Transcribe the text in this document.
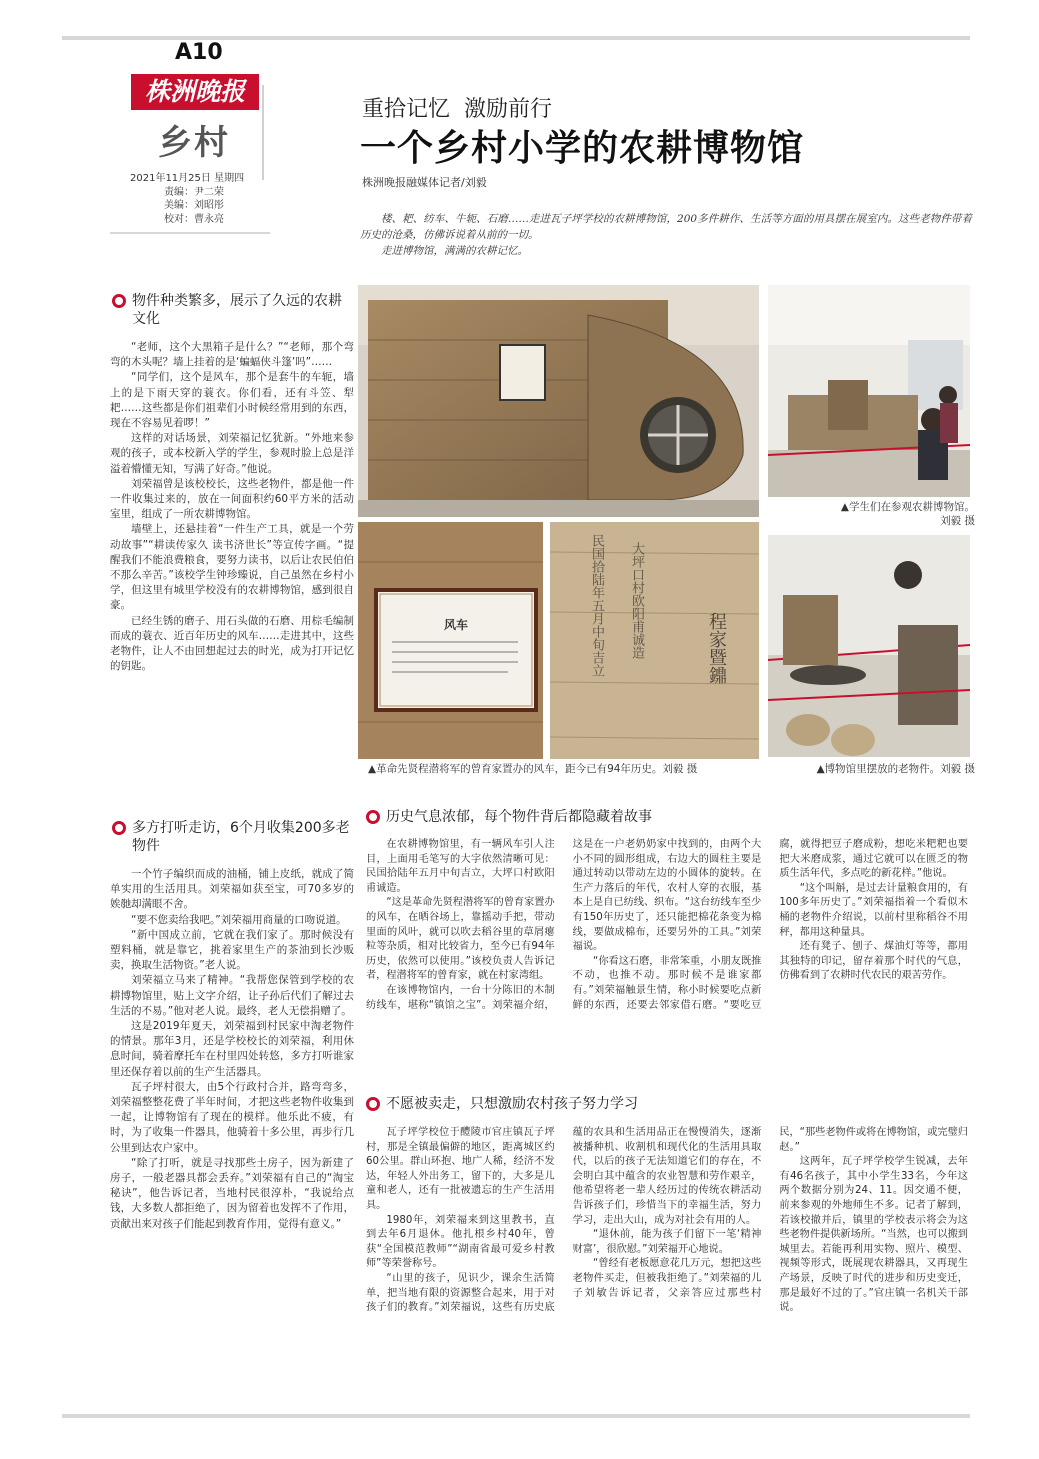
A10
株洲晚报
乡村
2021年11月25日 星期四
责编：尹二荣
美编：刘昭彤
校对：曹永亮
重拾记忆  激励前行
一个乡村小学的农耕博物馆
株洲晚报融媒体记者/刘毅

楼、耙、纺车、牛轭、石磨……走进瓦子坪学校的农耕博物馆，200多件耕作、生活等方面的用具摆在展室内。这些老物件带着历史的沧桑，仿佛诉说着从前的一切。

走进博物馆，满满的农耕记忆。

风车	民国拾陆年五月中旬吉立 大坪口村欧阳甫诚造	程家暨鐤
▲革命先贤程潜将军的曾育家置办的风车，距今已有94年历史。刘毅 摄
▲学生们在参观农耕博物馆。
刘毅 摄
▲博物馆里摆放的老物件。刘毅 摄
物件种类繁多，展示了久远的农耕文化

“老师，这个大黑箱子是什么？”“老师，那个弯弯的木头呢？墙上挂着的是‘蝙蝠侠斗篷’吗”……

“同学们，这个是风车，那个是套牛的车轭，墙上的是下雨天穿的蓑衣。你们看，还有斗笠、犁耙……这些都是你们祖辈们小时候经常用到的东西，现在不容易见着啰！”

这样的对话场景，刘荣福记忆犹新。“外地来参观的孩子，或本校新入学的学生，参观时脸上总是洋溢着懵懂无知，写满了好奇。”他说。

刘荣福曾是该校校长，这些老物件，都是他一件一件收集过来的，放在一间面积约60平方米的活动室里，组成了一所农耕博物馆。

墙壁上，还悬挂着“一件生产工具，就是一个劳动故事”“耕读传家久 读书济世长”等宣传字画。“提醒我们不能浪费粮食，要努力读书，以后让农民伯伯不那么辛苦。”该校学生钟珍臻说，自己虽然在乡村小学，但这里有城里学校没有的农耕博物馆，感到很自豪。

已经生锈的磨子、用石头做的石磨、用棕毛编制而成的蓑衣、近百年历史的风车……走进其中，这些老物件，让人不由回想起过去的时光，成为打开记忆的钥匙。

多方打听走访，6个月收集200多老物件

一个竹子编织而成的油桶，铺上皮纸，就成了简单实用的生活用具。刘荣福如获至宝，可70多岁的娭毑却满眼不舍。

“要不您卖给我吧。”刘荣福用商量的口吻说道。

“新中国成立前，它就在我们家了。那时候没有塑料桶，就是靠它，挑着家里生产的茶油到长沙贩卖，换取生活物资。”老人说。

刘荣福立马来了精神。“我帮您保管到学校的农耕博物馆里，贴上文字介绍，让子孙后代们了解过去生活的不易。”他对老人说。最终，老人无偿捐赠了。

这是2019年夏天，刘荣福到村民家中淘老物件的情景。那年3月，还是学校校长的刘荣福，利用休息时间，骑着摩托车在村里四处转悠，多方打听谁家里还保存着以前的生产生活器具。

瓦子坪村很大，由5个行政村合并，路弯弯多，刘荣福整整花费了半年时间，才把这些老物件收集到一起，让博物馆有了现在的模样。他乐此不疲，有时，为了收集一件器具，他骑着十多公里，再步行几公里到达农户家中。

“除了打听，就是寻找那些土房子，因为新建了房子，一般老器具都会丢弃。”刘荣福有自己的“淘宝秘诀”，他告诉记者，当地村民很淳朴，“我说给点钱，大多数人都拒绝了，因为留着也发挥不了作用，贡献出来对孩子们能起到教育作用，觉得有意义。”

历史气息浓郁，每个物件背后都隐藏着故事

在农耕博物馆里，有一辆风车引人注目，上面用毛笔写的大字依然清晰可见：民国拾陆年五月中旬吉立，大坪口村欧阳甫诚造。

“这是革命先贤程潜将军的曾育家置办的风车，在晒谷场上，靠摇动手把，带动里面的风叶，就可以吹去稻谷里的草屑瘪粒等杂质，相对比较省力，至今已有94年历史，依然可以使用。”该校负责人告诉记者，程潜将军的曾育家，就在村家湾组。

在该博物馆内，一台十分陈旧的木制纺线车，堪称“镇馆之宝”。刘荣福介绍，这是在一户老奶奶家中找到的，由两个大小不同的圆形组成，右边大的圆柱主要是通过转动以带动左边的小圆体的旋转。在生产力落后的年代，农村人穿的衣服，基本上是自已纺线、织布。“这台纺线车至少有150年历史了，还只能把棉花条变为棉线，要做成棉布，还要另外的工具。”刘荣福说。

“你看这石磨，非常笨重，小朋友既推不动，也推不动。那时候不是谁家都有。”刘荣福触景生情，称小时候要吃点新鲜的东西，还要去邻家借石磨。“要吃豆腐，就得把豆子磨成粉，想吃米粑粑也要把大米磨成浆，通过它就可以在匮乏的物质生活年代，多点吃的新花样。”他说。

“这个叫斛，是过去计量粮食用的，有100多年历史了。”刘荣福指着一个看似木桶的老物件介绍说，以前村里称稻谷不用秤，都用这种量具。

还有凳子、刨子、煤油灯等等，都用其独特的印记，留存着那个时代的气息，仿佛看到了农耕时代农民的艰苦劳作。

不愿被卖走，只想激励农村孩子努力学习

瓦子坪学校位于醴陵市官庄镇瓦子坪村，那是全镇最偏僻的地区，距离城区约60公里。群山环抱、地广人稀，经济不发达，年轻人外出务工，留下的，大多是儿童和老人，还有一批被遗忘的生产生活用具。

1980年，刘荣福来到这里教书，直到去年6月退休。他扎根乡村40年，曾获“全国模范教师”“湖南省最可爱乡村教师”等荣誉称号。

“山里的孩子，见识少，课余生活简单，把当地有限的资源整合起来，用于对孩子们的教育。”刘荣福说，这些有历史底蕴的农具和生活用品正在慢慢消失，逐渐被播种机、收割机和现代化的生活用具取代，以后的孩子无法知道它们的存在，不会明白其中蕴含的农业智慧和劳作艰辛，他希望将老一辈人经历过的传统农耕活动告诉孩子们，珍惜当下的幸福生活，努力学习，走出大山，成为对社会有用的人。

“退休前，能为孩子们留下一笔‘精神财富’，很欣慰。”刘荣福开心地说。

“曾经有老板愿意花几万元，想把这些老物件买走，但被我拒绝了。”刘荣福的儿子刘敏告诉记者，父亲答应过那些村民，“那些老物件或将在博物馆，或完璧归赵。”

这两年，瓦子坪学校学生锐减，去年有46名孩子，其中小学生33名，今年这两个数据分别为24、11。因交通不便，前来参观的外地师生不多。记者了解到，若该校撤并后，镇里的学校表示将会为这些老物件提供新场所。“当然，也可以搬到城里去。若能再利用实物、照片、模型、视频等形式，既展现农耕器具，又再现生产场景，反映了时代的进步和历史变迁，那是最好不过的了。”官庄镇一名机关干部说。
